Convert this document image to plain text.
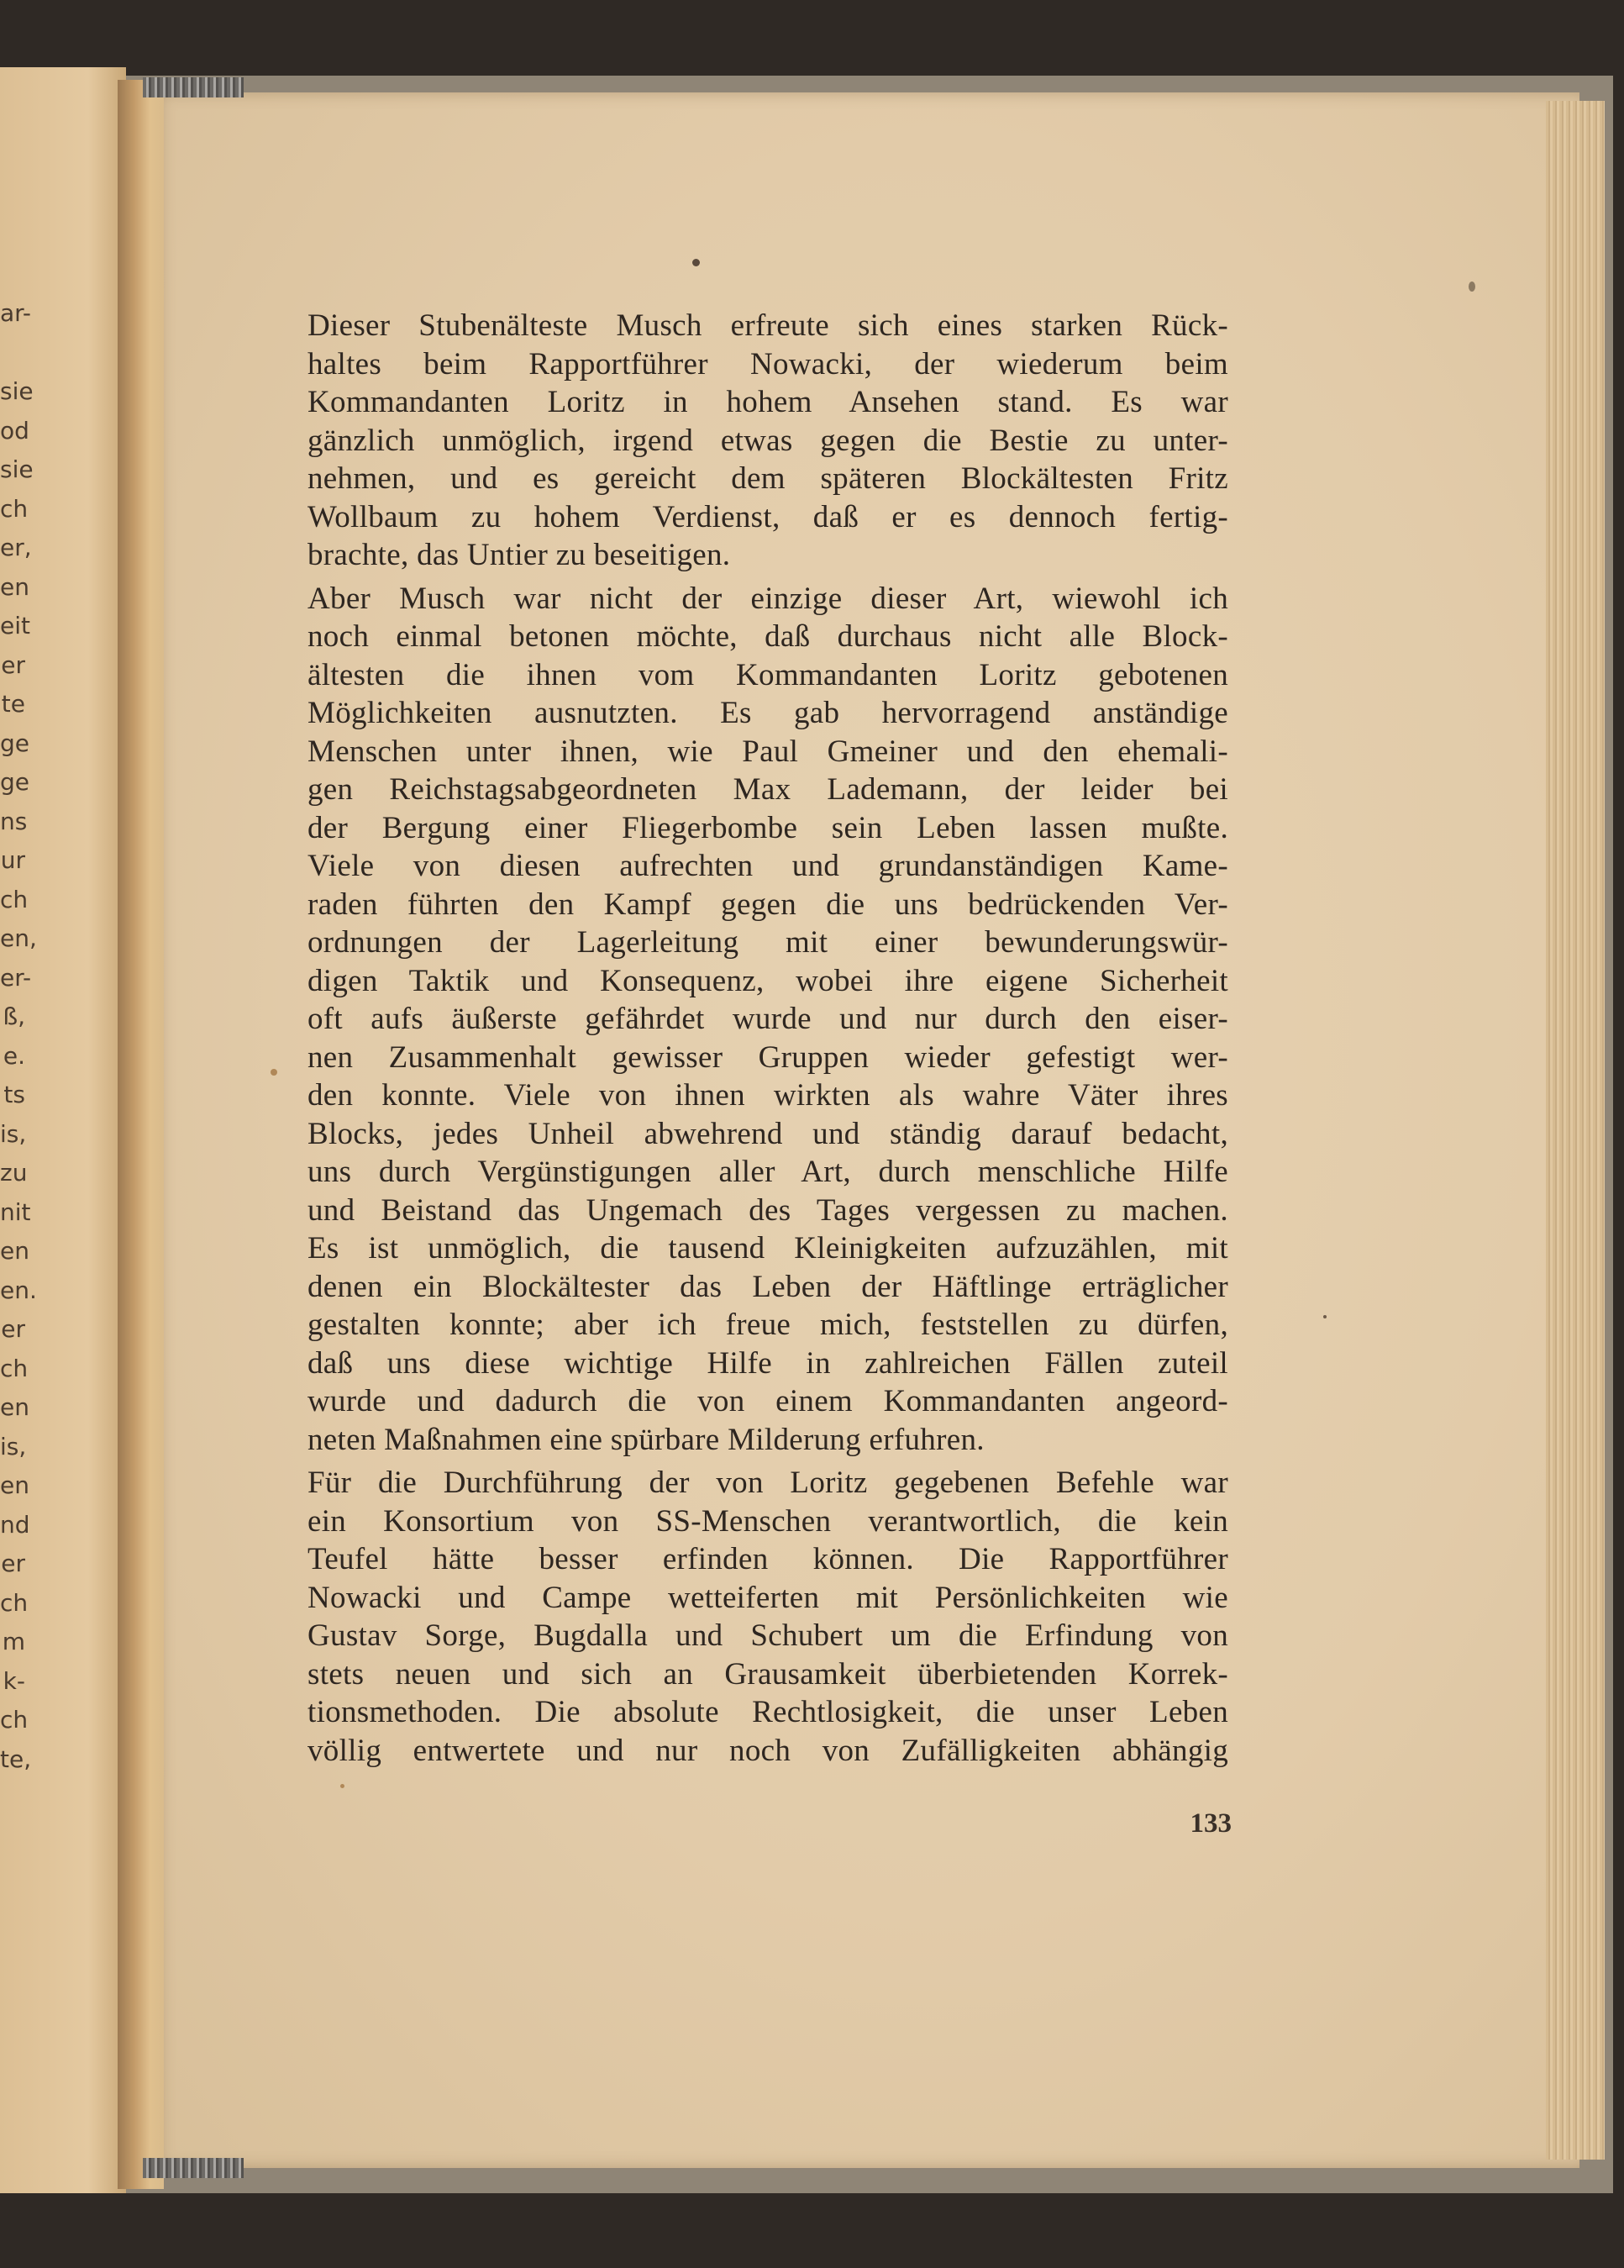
ar-

sie
od
sie
ch
er,
en
eit
er
te
ge
ge
ns
ur
ch
en,
er-
ß,
e.
ts
is,
zu
nit
en
en.
er
ch
en
is,
en
nd
er
ch
m
k-
ch
te,
Dieser Stubenälteste Musch erfreute sich eines starken Rück-
haltes beim Rapportführer Nowacki, der wiederum beim
Kommandanten Loritz in hohem Ansehen stand. Es war
gänzlich unmöglich, irgend etwas gegen die Bestie zu unter-
nehmen, und es gereicht dem späteren Blockältesten Fritz
Wollbaum zu hohem Verdienst, daß er es dennoch fertig-
brachte, das Untier zu beseitigen.
Aber Musch war nicht der einzige dieser Art, wiewohl ich
noch einmal betonen möchte, daß durchaus nicht alle Block-
ältesten die ihnen vom Kommandanten Loritz gebotenen
Möglichkeiten ausnutzten. Es gab hervorragend anständige
Menschen unter ihnen, wie Paul Gmeiner und den ehemali-
gen Reichstagsabgeordneten Max Lademann, der leider bei
der Bergung einer Fliegerbombe sein Leben lassen mußte.
Viele von diesen aufrechten und grundanständigen Kame-
raden führten den Kampf gegen die uns bedrückenden Ver-
ordnungen der Lagerleitung mit einer bewunderungswür-
digen Taktik und Konsequenz, wobei ihre eigene Sicherheit
oft aufs äußerste gefährdet wurde und nur durch den eiser-
nen Zusammenhalt gewisser Gruppen wieder gefestigt wer-
den konnte. Viele von ihnen wirkten als wahre Väter ihres
Blocks, jedes Unheil abwehrend und ständig darauf bedacht,
uns durch Vergünstigungen aller Art, durch menschliche Hilfe
und Beistand das Ungemach des Tages vergessen zu machen.
Es ist unmöglich, die tausend Kleinigkeiten aufzuzählen, mit
denen ein Blockältester das Leben der Häftlinge erträglicher
gestalten konnte; aber ich freue mich, feststellen zu dürfen,
daß uns diese wichtige Hilfe in zahlreichen Fällen zuteil
wurde und dadurch die von einem Kommandanten angeord-
neten Maßnahmen eine spürbare Milderung erfuhren.
Für die Durchführung der von Loritz gegebenen Befehle war
ein Konsortium von SS-Menschen verantwortlich, die kein
Teufel hätte besser erfinden können. Die Rapportführer
Nowacki und Campe wetteiferten mit Persönlichkeiten wie
Gustav Sorge, Bugdalla und Schubert um die Erfindung von
stets neuen und sich an Grausamkeit überbietenden Korrek-
tionsmethoden. Die absolute Rechtlosigkeit, die unser Leben
völlig entwertete und nur noch von Zufälligkeiten abhängig
133
